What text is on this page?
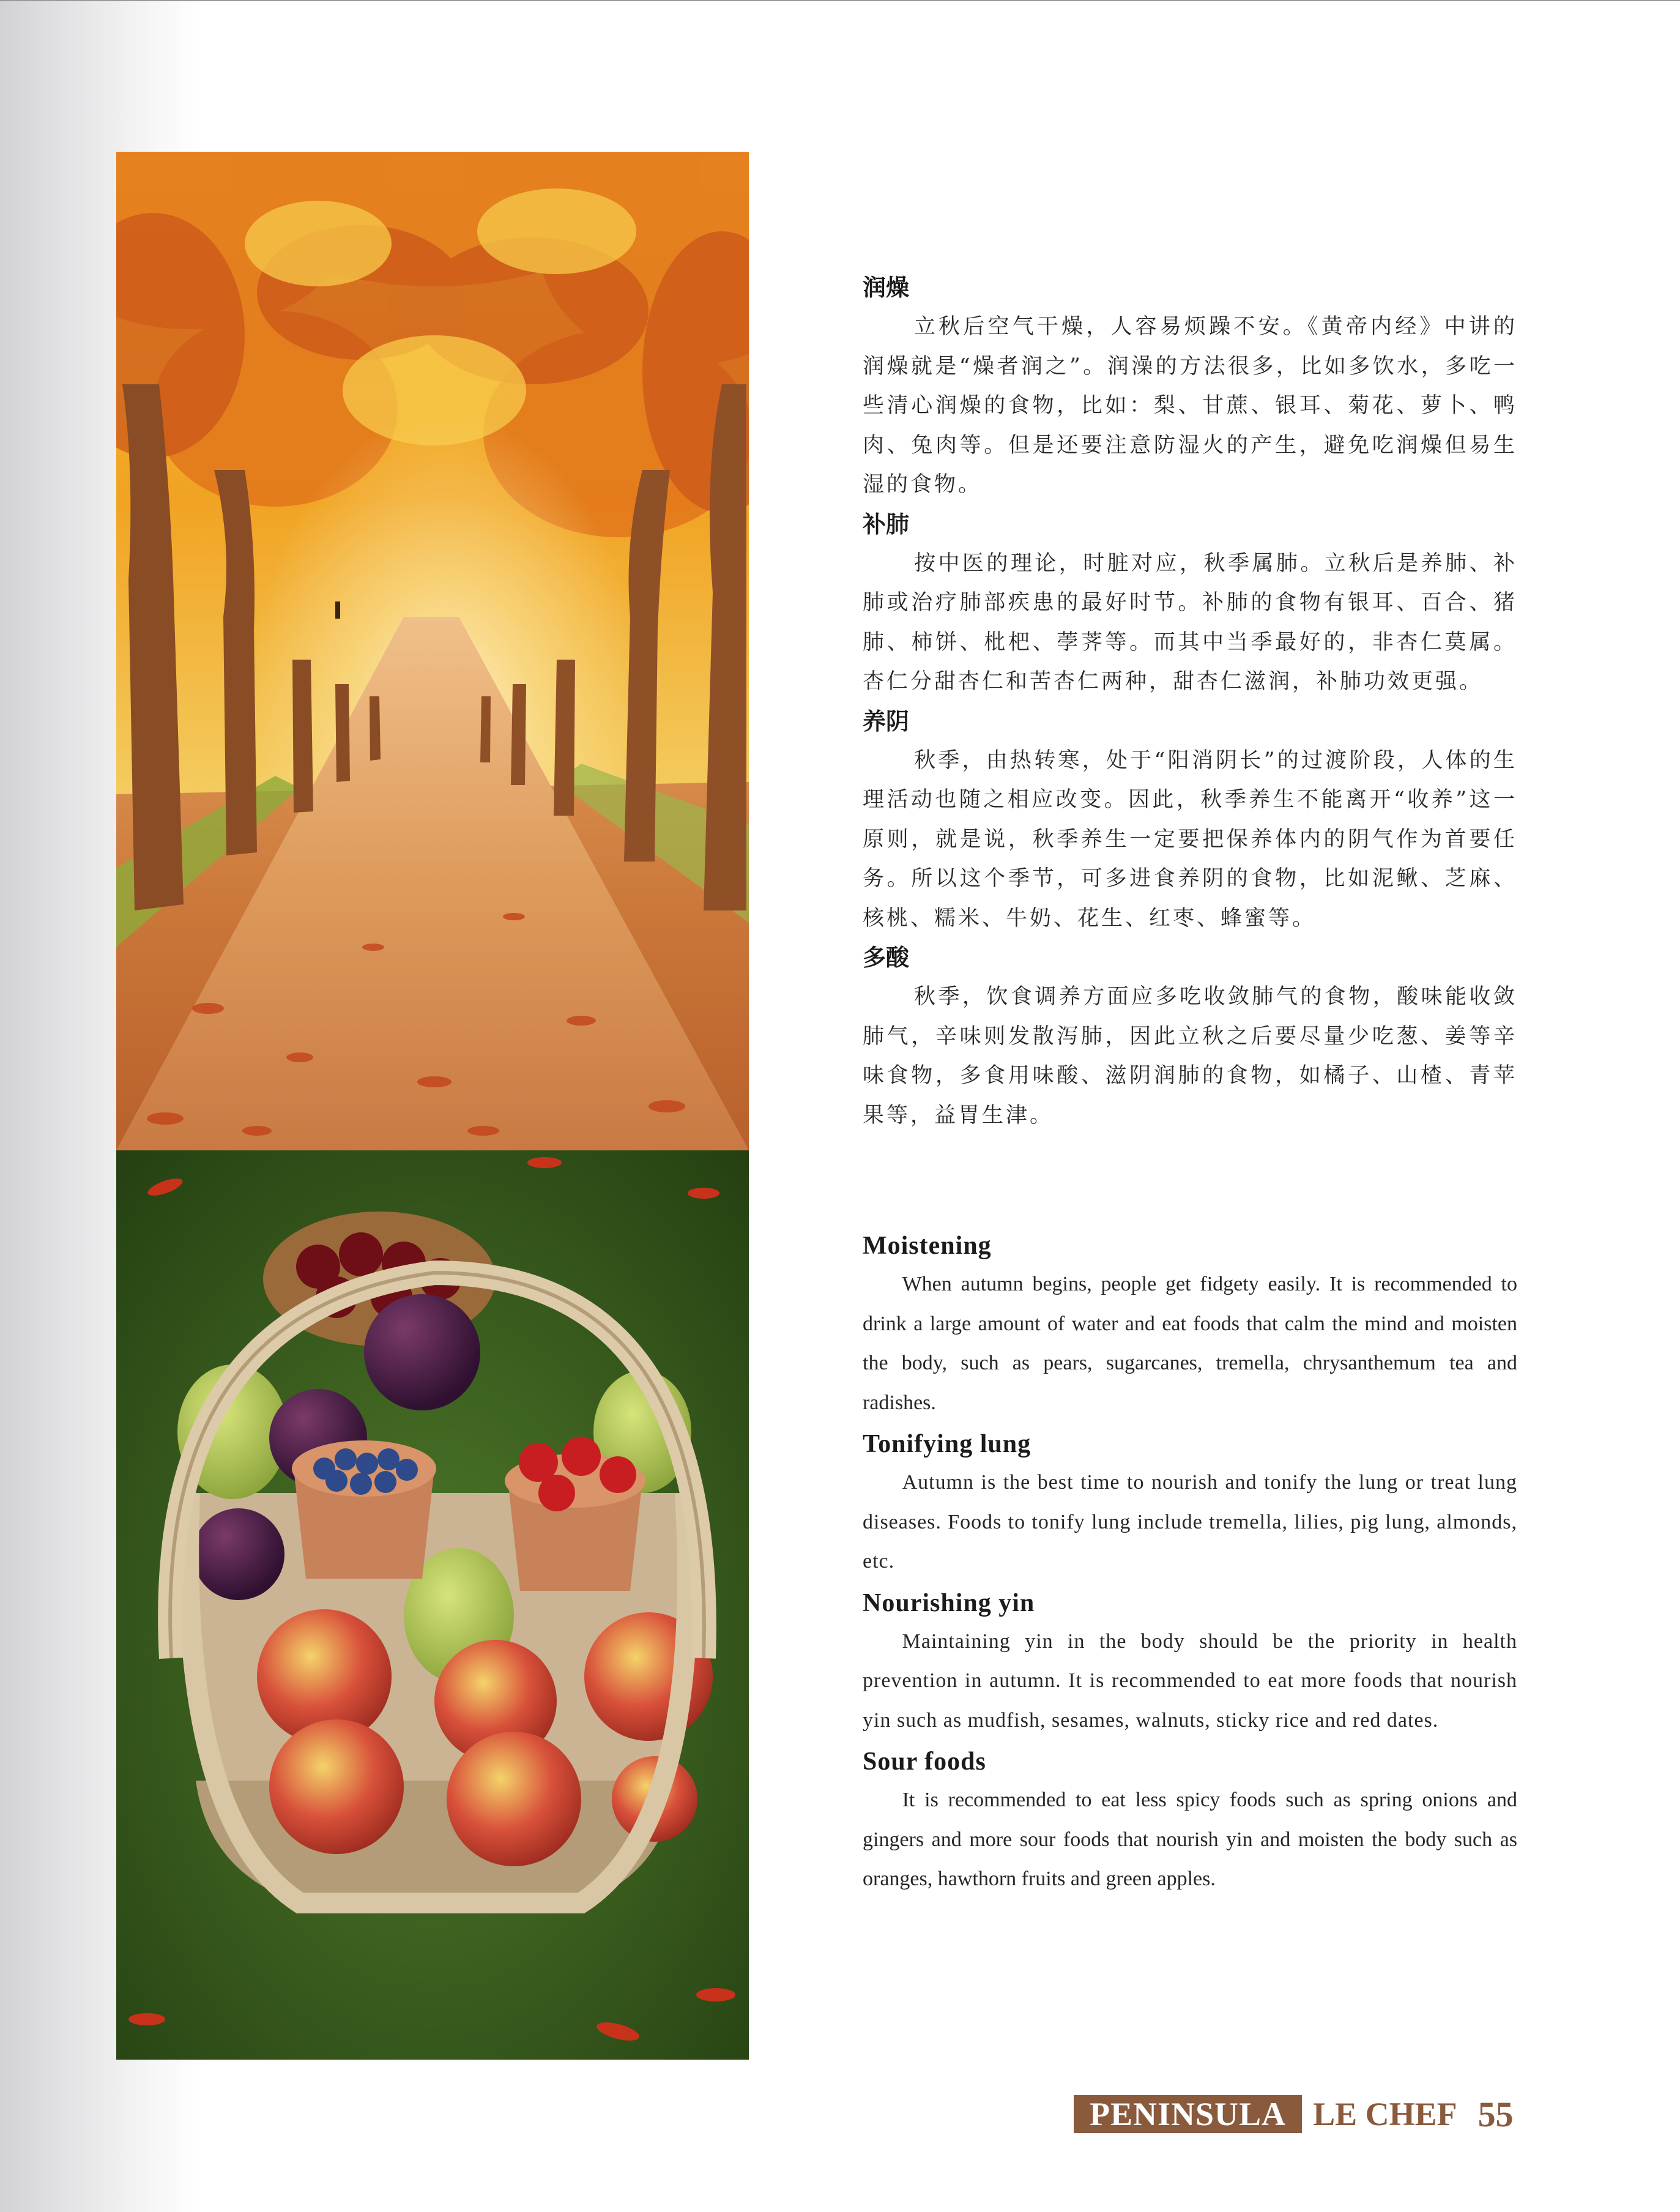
润燥

立秋后空气干燥，人容易烦躁不安。《黄帝内经》中讲的润燥就是“燥者润之”。润澡的方法很多，比如多饮水，多吃一些清心润燥的食物，比如：梨、甘蔗、银耳、菊花、萝卜、鸭肉、兔肉等。但是还要注意防湿火的产生，避免吃润燥但易生湿的食物。

补肺

按中医的理论，时脏对应，秋季属肺。立秋后是养肺、补肺或治疗肺部疾患的最好时节。补肺的食物有银耳、百合、猪肺、柿饼、枇杷、荸荠等。而其中当季最好的，非杏仁莫属。杏仁分甜杏仁和苦杏仁两种，甜杏仁滋润，补肺功效更强。

养阴

秋季，由热转寒，处于“阳消阴长”的过渡阶段，人体的生理活动也随之相应改变。因此，秋季养生不能离开“收养”这一原则，就是说，秋季养生一定要把保养体内的阴气作为首要任务。所以这个季节，可多进食养阴的食物，比如泥鳅、芝麻、核桃、糯米、牛奶、花生、红枣、蜂蜜等。

多酸

秋季，饮食调养方面应多吃收敛肺气的食物，酸味能收敛肺气，辛味则发散泻肺，因此立秋之后要尽量少吃葱、姜等辛味食物，多食用味酸、滋阴润肺的食物，如橘子、山楂、青苹果等，益胃生津。

Moistening

When autumn begins, people get fidgety easily. It is recommended to drink a large amount of water and eat foods that calm the mind and moisten the body, such as pears, sugarcanes, tremella, chrysanthemum tea and radishes.

Tonifying lung

Autumn is the best time to nourish and tonify the lung or treat lung diseases. Foods to tonify lung include tremella, lilies, pig lung, almonds, etc.

Nourishing yin

Maintaining yin in the body should be the priority in health prevention in autumn. It is recommended to eat more foods that nourish yin such as mudfish, sesames, walnuts, sticky rice and red dates.

Sour foods

It is recommended to eat less spicy foods such as spring onions and gingers and more sour foods that nourish yin and moisten the body such as oranges, hawthorn fruits and green apples.

PENINSULA LE CHEF 55
